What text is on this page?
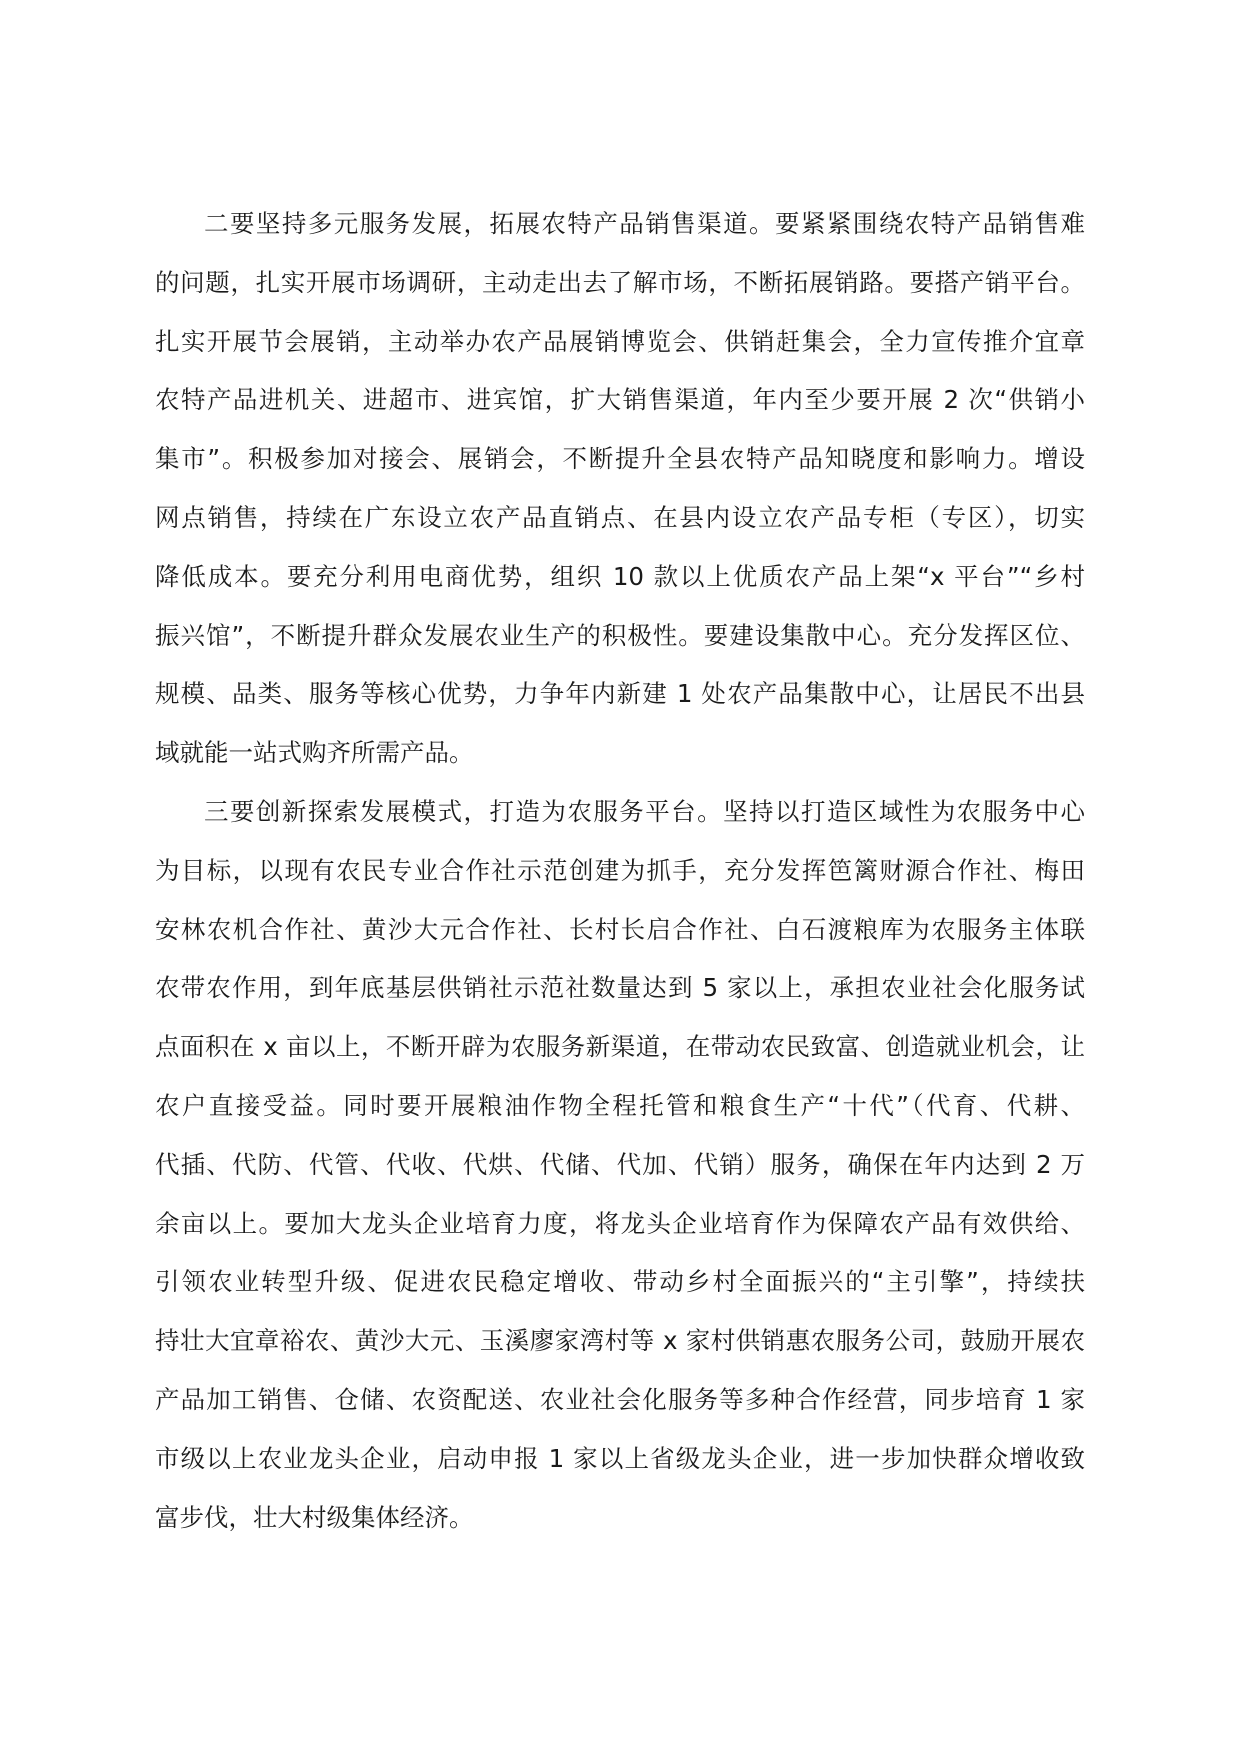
二要坚持多元服务发展，拓展农特产品销售渠道。要紧紧围绕农特产品销售难
的问题，扎实开展市场调研，主动走出去了解市场，不断拓展销路。要搭产销平台。
扎实开展节会展销，主动举办农产品展销博览会、供销赶集会，全力宣传推介宜章
农特产品进机关、进超市、进宾馆，扩大销售渠道，年内至少要开展 2 次“供销小
集市”。积极参加对接会、展销会，不断提升全县农特产品知晓度和影响力。增设
网点销售，持续在广东设立农产品直销点、在县内设立农产品专柜（专区），切实
降低成本。要充分利用电商优势，组织 10 款以上优质农产品上架“x 平台”“乡村
振兴馆”，不断提升群众发展农业生产的积极性。要建设集散中心。充分发挥区位、
规模、品类、服务等核心优势，力争年内新建 1 处农产品集散中心，让居民不出县
域就能一站式购齐所需产品。
三要创新探索发展模式，打造为农服务平台。坚持以打造区域性为农服务中心
为目标，以现有农民专业合作社示范创建为抓手，充分发挥笆篱财源合作社、梅田
安林农机合作社、黄沙大元合作社、长村长启合作社、白石渡粮库为农服务主体联
农带农作用，到年底基层供销社示范社数量达到 5 家以上，承担农业社会化服务试
点面积在 x 亩以上，不断开辟为农服务新渠道，在带动农民致富、创造就业机会，让
农户直接受益。同时要开展粮油作物全程托管和粮食生产“十代”（代育、代耕、
代插、代防、代管、代收、代烘、代储、代加、代销）服务，确保在年内达到 2 万
余亩以上。要加大龙头企业培育力度，将龙头企业培育作为保障农产品有效供给、
引领农业转型升级、促进农民稳定增收、带动乡村全面振兴的“主引擎”，持续扶
持壮大宜章裕农、黄沙大元、玉溪廖家湾村等 x 家村供销惠农服务公司，鼓励开展农
产品加工销售、仓储、农资配送、农业社会化服务等多种合作经营，同步培育 1 家
市级以上农业龙头企业，启动申报 1 家以上省级龙头企业，进一步加快群众增收致
富步伐，壮大村级集体经济。
